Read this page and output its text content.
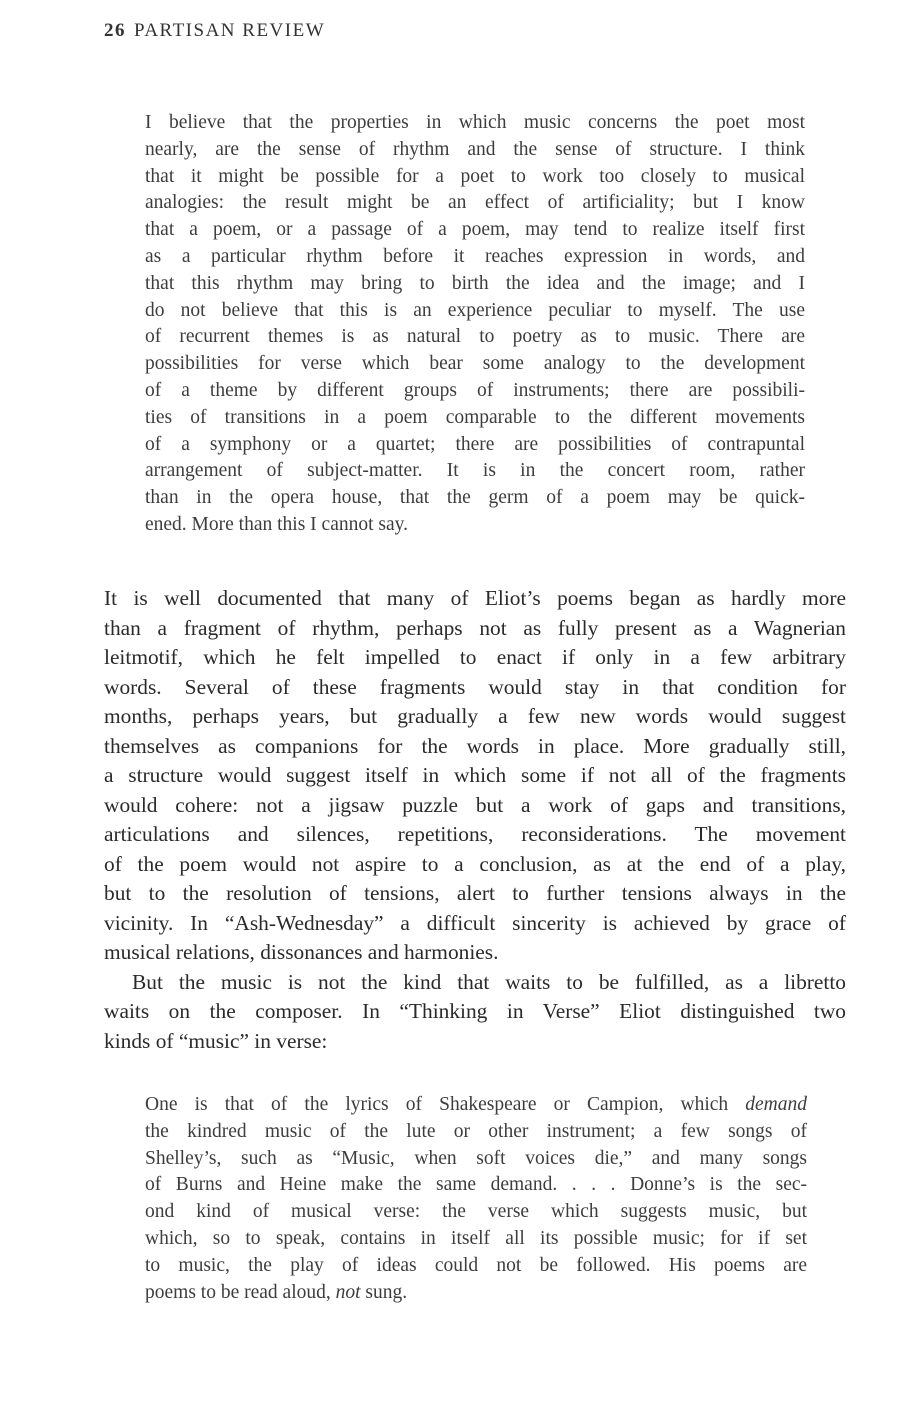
26 PARTISAN REVIEW
I believe that the properties in which music concerns the poet most
nearly, are the sense of rhythm and the sense of structure. I think
that it might be possible for a poet to work too closely to musical
analogies: the result might be an effect of artificiality; but I know
that a poem, or a passage of a poem, may tend to realize itself first
as a particular rhythm before it reaches expression in words, and
that this rhythm may bring to birth the idea and the image; and I
do not believe that this is an experience peculiar to myself. The use
of recurrent themes is as natural to poetry as to music. There are
possibilities for verse which bear some analogy to the development
of a theme by different groups of instruments; there are possibili-
ties of transitions in a poem comparable to the different movements
of a symphony or a quartet; there are possibilities of contrapuntal
arrangement of subject-matter. It is in the concert room, rather
than in the opera house, that the germ of a poem may be quick-
ened. More than this I cannot say.
It is well documented that many of Eliot’s poems began as hardly more
than a fragment of rhythm, perhaps not as fully present as a Wagnerian
leitmotif, which he felt impelled to enact if only in a few arbitrary
words. Several of these fragments would stay in that condition for
months, perhaps years, but gradually a few new words would suggest
themselves as companions for the words in place. More gradually still,
a structure would suggest itself in which some if not all of the fragments
would cohere: not a jigsaw puzzle but a work of gaps and transitions,
articulations and silences, repetitions, reconsiderations. The movement
of the poem would not aspire to a conclusion, as at the end of a play,
but to the resolution of tensions, alert to further tensions always in the
vicinity. In “Ash-Wednesday” a difficult sincerity is achieved by grace of
musical relations, dissonances and harmonies.
But the music is not the kind that waits to be fulfilled, as a libretto
waits on the composer. In “Thinking in Verse” Eliot distinguished two
kinds of “music” in verse:
One is that of the lyrics of Shakespeare or Campion, which demand
the kindred music of the lute or other instrument; a few songs of
Shelley’s, such as “Music, when soft voices die,” and many songs
of Burns and Heine make the same demand. . . . Donne’s is the sec-
ond kind of musical verse: the verse which suggests music, but
which, so to speak, contains in itself all its possible music; for if set
to music, the play of ideas could not be followed. His poems are
poems to be read aloud, not sung.
